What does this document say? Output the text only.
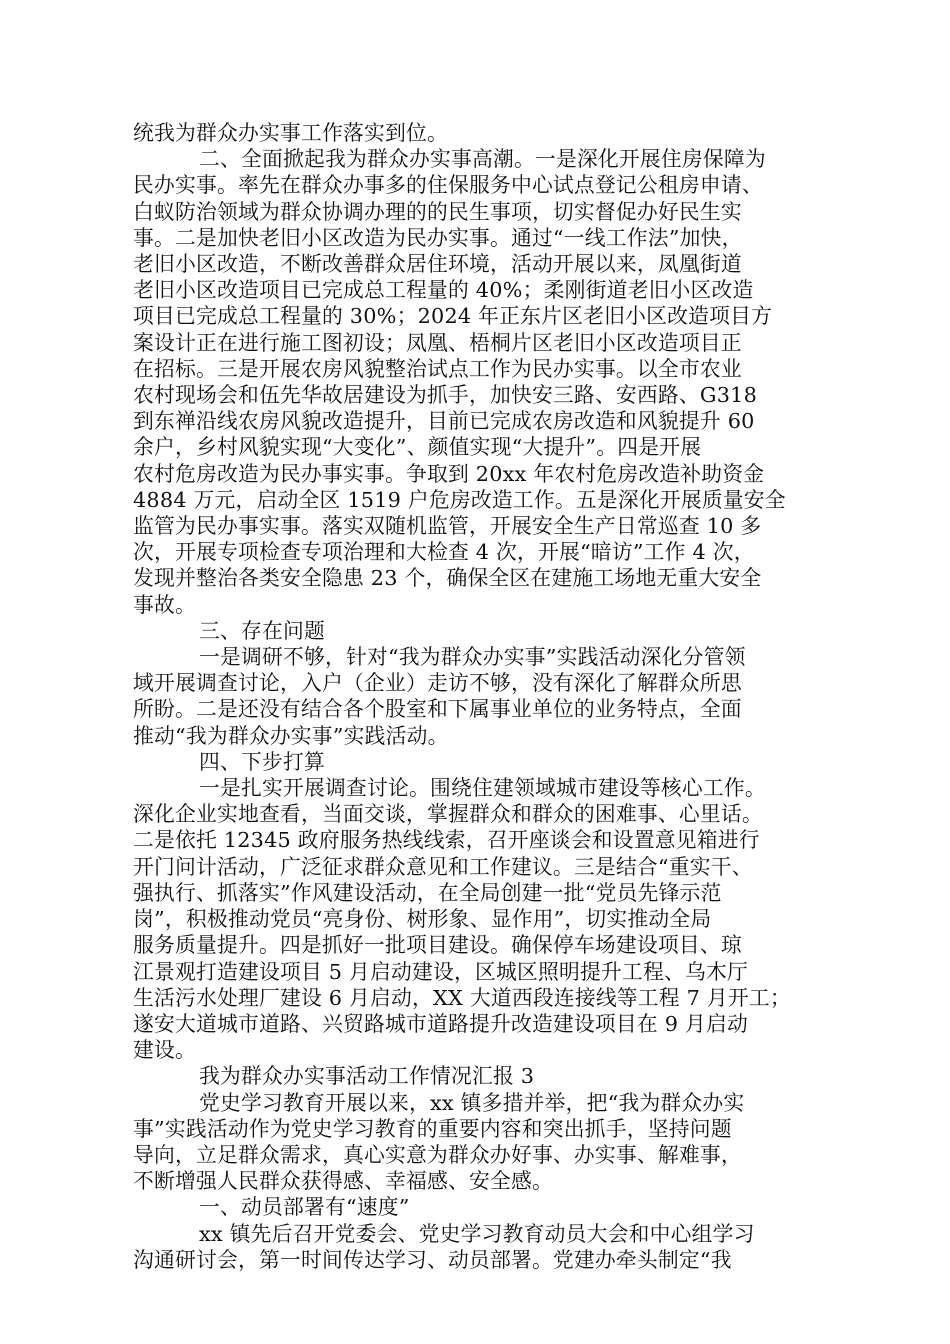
统我为群众办实事工作落实到位。
二、全面掀起我为群众办实事高潮。一是深化开展住房保障为
民办实事。率先在群众办事多的住保服务中心试点登记公租房申请、
白蚁防治领域为群众协调办理的的民生事项，切实督促办好民生实
事。二是加快老旧小区改造为民办实事。通过“一线工作法”加快，
老旧小区改造，不断改善群众居住环境，活动开展以来，凤凰街道
老旧小区改造项目已完成总工程量的 40%；柔刚街道老旧小区改造
项目已完成总工程量的 30%；2024 年正东片区老旧小区改造项目方
案设计正在进行施工图初设；凤凰、梧桐片区老旧小区改造项目正
在招标。三是开展农房风貌整治试点工作为民办实事。以全市农业
农村现场会和伍先华故居建设为抓手，加快安三路、安西路、G318
到东禅沿线农房风貌改造提升，目前已完成农房改造和风貌提升 60
余户，乡村风貌实现“大变化”、颜值实现“大提升”。四是开展
农村危房改造为民办事实事。争取到 20xx 年农村危房改造补助资金
4884 万元，启动全区 1519 户危房改造工作。五是深化开展质量安全
监管为民办事实事。落实双随机监管，开展安全生产日常巡查 10 多
次，开展专项检查专项治理和大检查 4 次，开展“暗访”工作 4 次，
发现并整治各类安全隐患 23 个，确保全区在建施工场地无重大安全
事故。
三、存在问题
一是调研不够，针对“我为群众办实事”实践活动深化分管领
域开展调查讨论，入户（企业）走访不够，没有深化了解群众所思
所盼。二是还没有结合各个股室和下属事业单位的业务特点，全面
推动“我为群众办实事”实践活动。
四、下步打算
一是扎实开展调查讨论。围绕住建领域城市建设等核心工作。
深化企业实地查看，当面交谈，掌握群众和群众的困难事、心里话。
二是依托 12345 政府服务热线线索，召开座谈会和设置意见箱进行
开门问计活动，广泛征求群众意见和工作建议。三是结合“重实干、
强执行、抓落实”作风建设活动，在全局创建一批“党员先锋示范
岗”，积极推动党员“亮身份、树形象、显作用”，切实推动全局
服务质量提升。四是抓好一批项目建设。确保停车场建设项目、琼
江景观打造建设项目 5 月启动建设，区城区照明提升工程、乌木厅
生活污水处理厂建设 6 月启动，XX 大道西段连接线等工程 7 月开工；
遂安大道城市道路、兴贸路城市道路提升改造建设项目在 9 月启动
建设。
我为群众办实事活动工作情况汇报 3
党史学习教育开展以来，xx 镇多措并举，把“我为群众办实
事”实践活动作为党史学习教育的重要内容和突出抓手，坚持问题
导向，立足群众需求，真心实意为群众办好事、办实事、解难事，
不断增强人民群众获得感、幸福感、安全感。
一、动员部署有“速度”
xx 镇先后召开党委会、党史学习教育动员大会和中心组学习
沟通研讨会，第一时间传达学习、动员部署。党建办牵头制定“我
